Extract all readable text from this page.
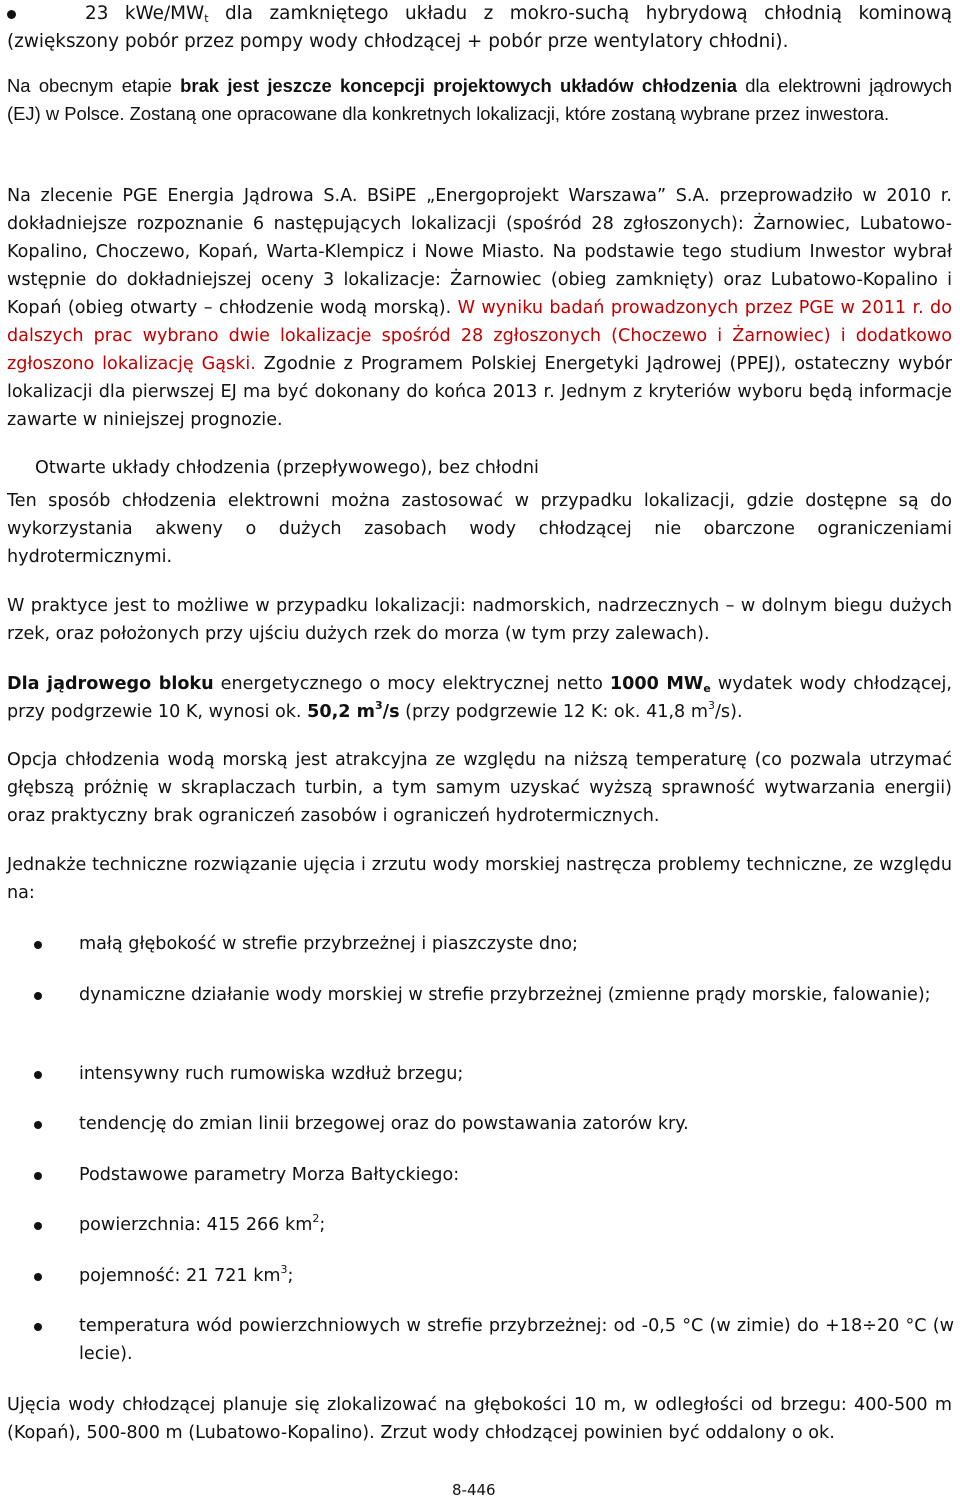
23 kWe/$MW_t$ dla zamkniętego układu z mokro-suchą hybrydową chłodnią kominową (zwiększony pobór przez pompy wody chłodzącej + pobór prze wentylatory chłodni).
Na obecnym etapie brak jest jeszcze koncepcji projektowych układów chłodzenia dla elektrowni jądrowych (EJ) w Polsce. Zostaną one opracowane dla konkretnych lokalizacji, które zostaną wybrane przez inwestora.
Na zlecenie PGE Energia Jądrowa S.A. BSiPE „Energoprojekt Warszawa” S.A. przeprowadziło w 2010 r. dokładniejsze rozpoznanie 6 następujących lokalizacji (spośród 28 zgłoszonych): Żarnowiec, Lubatowo-Kopalino, Choczewo, Kopań, Warta-Klempicz i Nowe Miasto. Na podstawie tego studium Inwestor wybrał wstępnie do dokładniejszej oceny 3 lokalizacje: Żarnowiec (obieg zamknięty) oraz Lubatowo-Kopalino i Kopań (obieg otwarty – chłodzenie wodą morską). W wyniku badań prowadzonych przez PGE w 2011 r. do dalszych prac wybrano dwie lokalizacje spośród 28 zgłoszonych (Choczewo i Żarnowiec) i dodatkowo zgłoszono lokalizację Gąski. Zgodnie z Programem Polskiej Energetyki Jądrowej (PPEJ), ostateczny wybór lokalizacji dla pierwszej EJ ma być dokonany do końca 2013 r. Jednym z kryteriów wyboru będą informacje zawarte w niniejszej prognozie.
Otwarte układy chłodzenia (przepływowego), bez chłodni
Ten sposób chłodzenia elektrowni można zastosować w przypadku lokalizacji, gdzie dostępne są do wykorzystania akweny o dużych zasobach wody chłodzącej nie obarczone ograniczeniami hydrotermicznymi.
W praktyce jest to możliwe w przypadku lokalizacji: nadmorskich, nadrzecznych – w dolnym biegu dużych rzek, oraz położonych przy ujściu dużych rzek do morza (w tym przy zalewach).
Dla jądrowego bloku energetycznego o mocy elektrycznej netto 1000 $MW_e$ wydatek wody chłodzącej, przy podgrzewie 10 K, wynosi ok. 50,2 $m^3/s$ (przy podgrzewie 12 K: ok. 41,8 $m^3/s$).
Opcja chłodzenia wodą morską jest atrakcyjna ze względu na niższą temperaturę (co pozwala utrzymać głębszą próżnię w skraplaczach turbin, a tym samym uzyskać wyższą sprawność wytwarzania energii) oraz praktyczny brak ograniczeń zasobów i ograniczeń hydrotermicznych.
Jednakże techniczne rozwiązanie ujęcia i zrzutu wody morskiej nastręcza problemy techniczne, ze względu na:
małą głębokość w strefie przybrzeżnej i piaszczyste dno;
dynamiczne działanie wody morskiej w strefie przybrzeżnej (zmienne prądy morskie, falowanie);
intensywny ruch rumowiska wzdłuż brzegu;
tendencję do zmian linii brzegowej oraz do powstawania zatorów kry.
Podstawowe parametry Morza Bałtyckiego:
powierzchnia: 415 266 $km^2$;
pojemność: 21 721 $km^3$;
temperatura wód powierzchniowych w strefie przybrzeżnej: od -0,5 °C (w zimie) do +18÷20 °C (w lecie).
Ujęcia wody chłodzącej planuje się zlokalizować na głębokości 10 m, w odległości od brzegu: 400-500 m (Kopań), 500-800 m (Lubatowo-Kopalino). Zrzut wody chłodzącej powinien być oddalony o ok.
8-446
